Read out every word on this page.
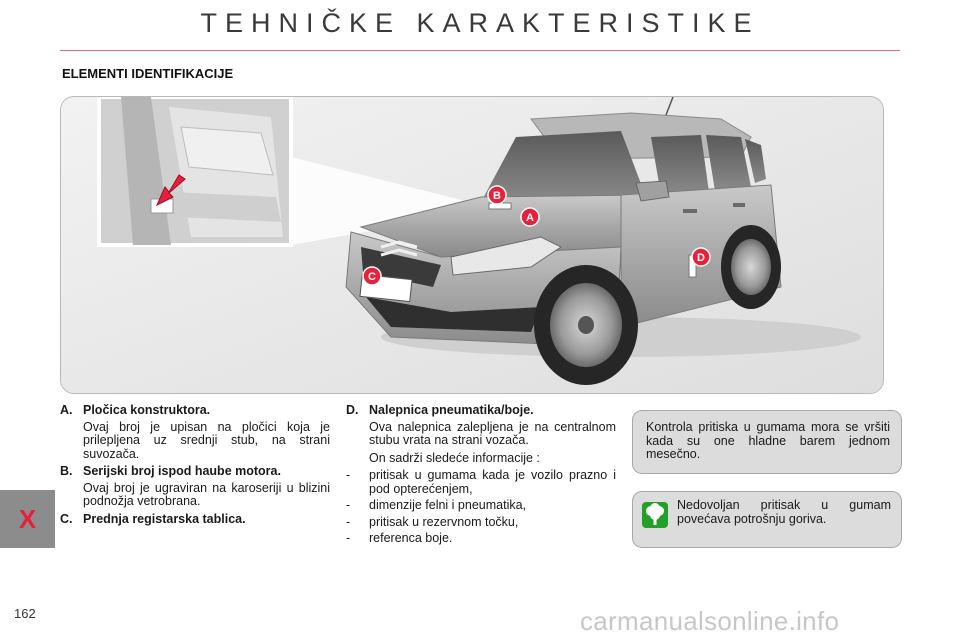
TEHNIČKE KARAKTERISTIKE
ELEMENTI IDENTIFIKACIJE
B
A
C
D
A. Pločica konstruktora.
Ovaj broj je upisan na pločici koja je prilepljena uz srednji stub, na strani suvozača.
B. Serijski broj ispod haube motora.
Ovaj broj je ugraviran na karoseriji u blizini podnožja vetrobrana.
C. Prednja registarska tablica.
D. Nalepnica pneumatika/boje.
Ova nalepnica zalepljena je na centralnom stubu vrata na strani vozača.
On sadrži sledeće informacije :
-	pritisak u gumama kada je vozilo prazno i pod opterećenjem,
-	dimenzije felni i pneumatika,
-	pritisak u rezervnom točku,
-	referenca boje.
Kontrola pritiska u gumama mora se vršiti kada su one hladne barem jednom mesečno.
Nedovoljan pritisak u gumam povećava potrošnju goriva.
X
162	carmanualsonline.info
